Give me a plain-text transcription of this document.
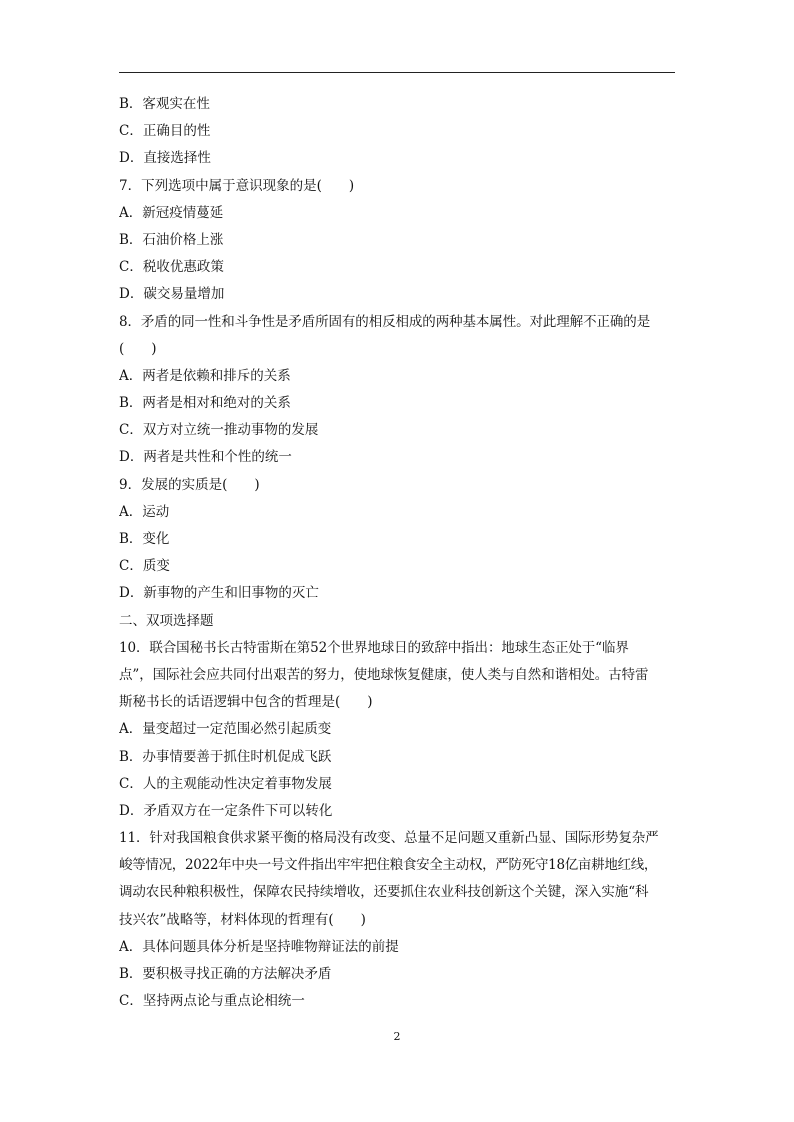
B．客观实在性
C．正确目的性
D．直接选择性
7．下列选项中属于意识现象的是(　　)
A．新冠疫情蔓延
B．石油价格上涨
C．税收优惠政策
D．碳交易量增加
8．矛盾的同一性和斗争性是矛盾所固有的相反相成的两种基本属性。对此理解不正确的是
(　　)
A．两者是依赖和排斥的关系
B．两者是相对和绝对的关系
C．双方对立统一推动事物的发展
D．两者是共性和个性的统一
9．发展的实质是(　　)
A．运动
B．变化
C．质变
D．新事物的产生和旧事物的灭亡
二、双项选择题
10．联合国秘书长古特雷斯在第52个世界地球日的致辞中指出：地球生态正处于“临界
点”，国际社会应共同付出艰苦的努力，使地球恢复健康，使人类与自然和谐相处。古特雷
斯秘书长的话语逻辑中包含的哲理是(　　)
A．量变超过一定范围必然引起质变
B．办事情要善于抓住时机促成飞跃
C．人的主观能动性决定着事物发展
D．矛盾双方在一定条件下可以转化
11．针对我国粮食供求紧平衡的格局没有改变、总量不足问题又重新凸显、国际形势复杂严
峻等情况，2022年中央一号文件指出牢牢把住粮食安全主动权，严防死守18亿亩耕地红线，
调动农民种粮积极性，保障农民持续增收，还要抓住农业科技创新这个关键，深入实施“科
技兴农”战略等，材料体现的哲理有(　　)
A．具体问题具体分析是坚持唯物辩证法的前提
B．要积极寻找正确的方法解决矛盾
C．坚持两点论与重点论相统一
2
